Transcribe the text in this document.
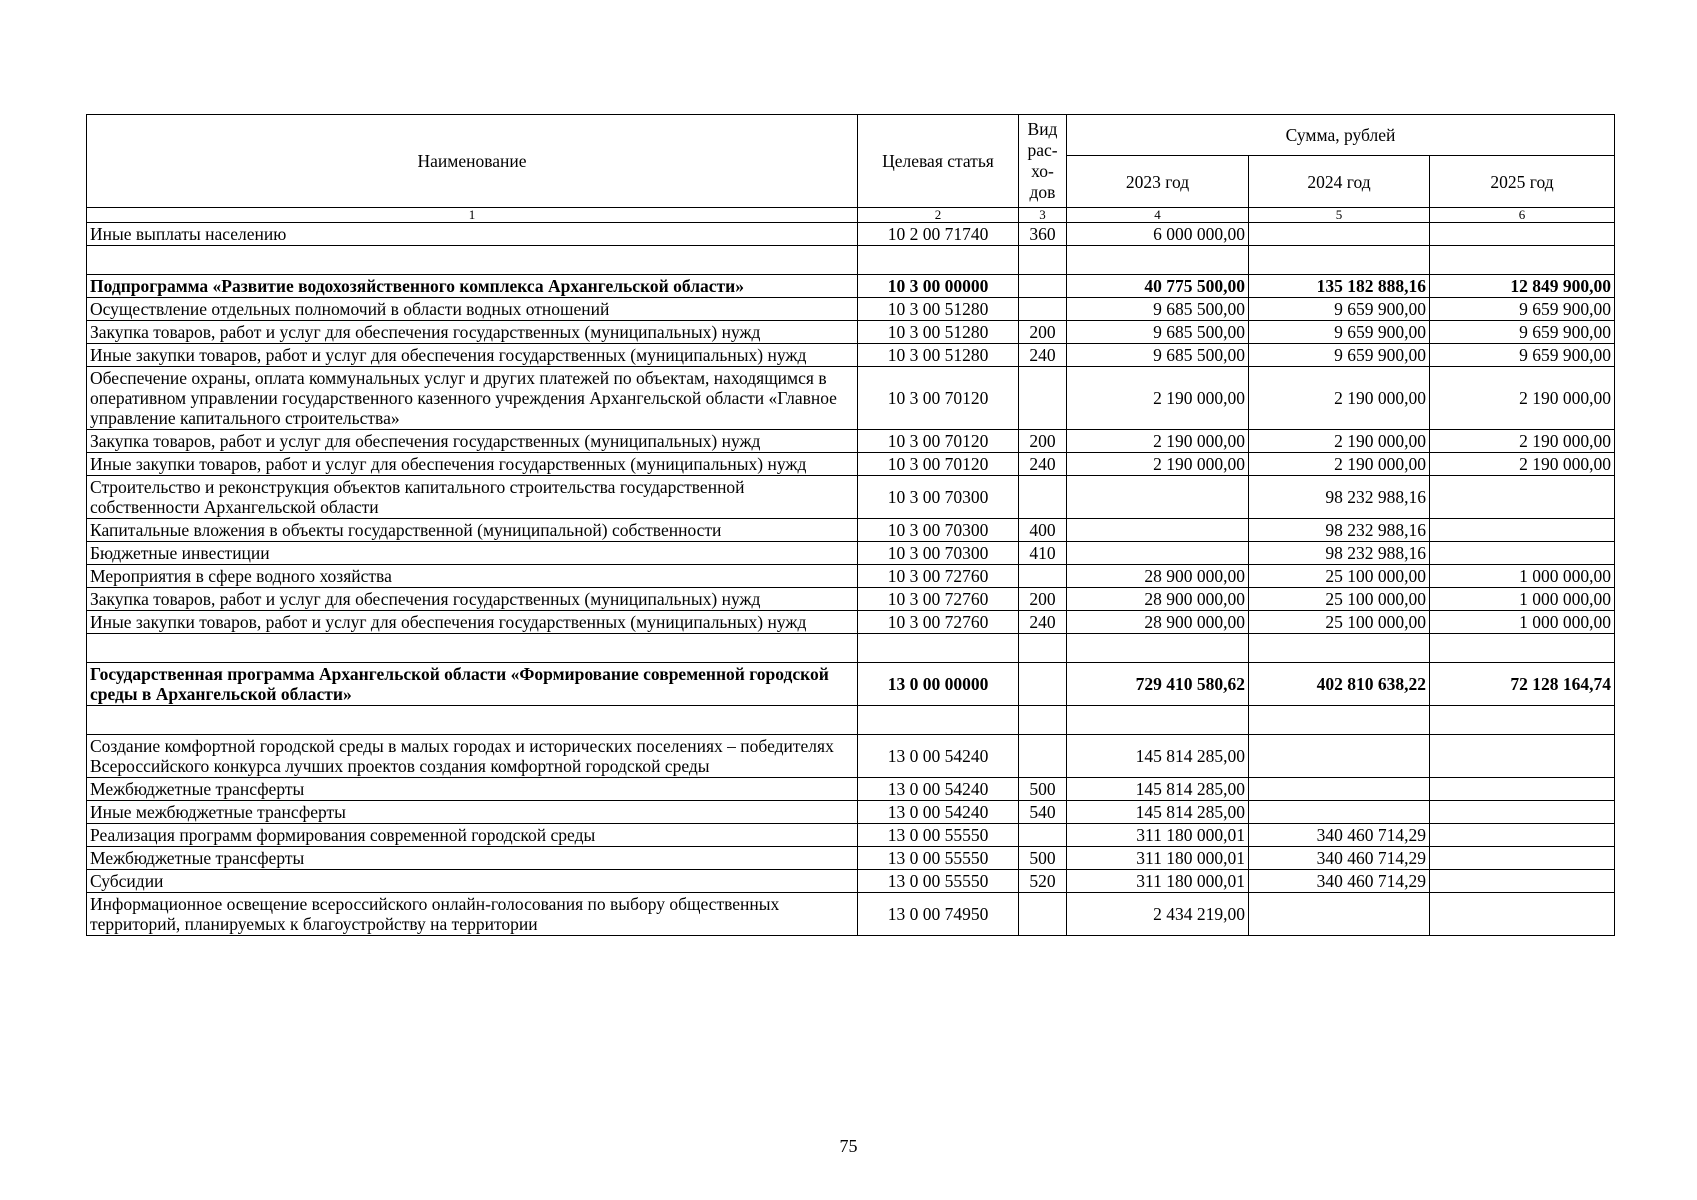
Наименование	Целевая статья	Вид
рас-
хо-
дов	Сумма, рублей		
			2023 год	2024 год	2025 год
1	2	3	4	5	6
Иные выплаты населению	10 2 00 71740	360	6 000 000,00		

Подпрограмма «Развитие водохозяйственного комплекса Архангельской области»	10 3 00 00000		40 775 500,00	135 182 888,16	12 849 900,00
Осуществление отдельных полномочий в области водных отношений	10 3 00 51280		9 685 500,00	9 659 900,00	9 659 900,00
Закупка товаров, работ и услуг для обеспечения государственных (муниципальных) нужд	10 3 00 51280	200	9 685 500,00	9 659 900,00	9 659 900,00
Иные закупки товаров, работ и услуг для обеспечения государственных (муниципальных) нужд	10 3 00 51280	240	9 685 500,00	9 659 900,00	9 659 900,00
Обеспечение охраны, оплата коммунальных услуг и других платежей по объектам, находящимся в оперативном управлении государственного казенного учреждения Архангельской области «Главное управление капитального строительства»	10 3 00 70120		2 190 000,00	2 190 000,00	2 190 000,00
Закупка товаров, работ и услуг для обеспечения государственных (муниципальных) нужд	10 3 00 70120	200	2 190 000,00	2 190 000,00	2 190 000,00
Иные закупки товаров, работ и услуг для обеспечения государственных (муниципальных) нужд	10 3 00 70120	240	2 190 000,00	2 190 000,00	2 190 000,00
Строительство и реконструкция объектов капитального строительства государственной собственности Архангельской области	10 3 00 70300			98 232 988,16	
Капитальные вложения в объекты государственной (муниципальной) собственности	10 3 00 70300	400		98 232 988,16	
Бюджетные инвестиции	10 3 00 70300	410		98 232 988,16	
Мероприятия в сфере водного хозяйства	10 3 00 72760		28 900 000,00	25 100 000,00	1 000 000,00
Закупка товаров, работ и услуг для обеспечения государственных (муниципальных) нужд	10 3 00 72760	200	28 900 000,00	25 100 000,00	1 000 000,00
Иные закупки товаров, работ и услуг для обеспечения государственных (муниципальных) нужд	10 3 00 72760	240	28 900 000,00	25 100 000,00	1 000 000,00

Государственная программа Архангельской области «Формирование современной городской среды в Архангельской области»	13 0 00 00000		729 410 580,62	402 810 638,22	72 128 164,74

Создание комфортной городской среды в малых городах и исторических поселениях – победителях Всероссийского конкурса лучших проектов создания комфортной городской среды	13 0 00 54240		145 814 285,00		
Межбюджетные трансферты	13 0 00 54240	500	145 814 285,00		
Иные межбюджетные трансферты	13 0 00 54240	540	145 814 285,00		
Реализация программ формирования современной городской среды	13 0 00 55550		311 180 000,01	340 460 714,29	
Межбюджетные трансферты	13 0 00 55550	500	311 180 000,01	340 460 714,29	
Субсидии	13 0 00 55550	520	311 180 000,01	340 460 714,29	
Информационное освещение всероссийского онлайн-голосования по выбору общественных территорий, планируемых к благоустройству на территории	13 0 00 74950		2 434 219,00		
75
